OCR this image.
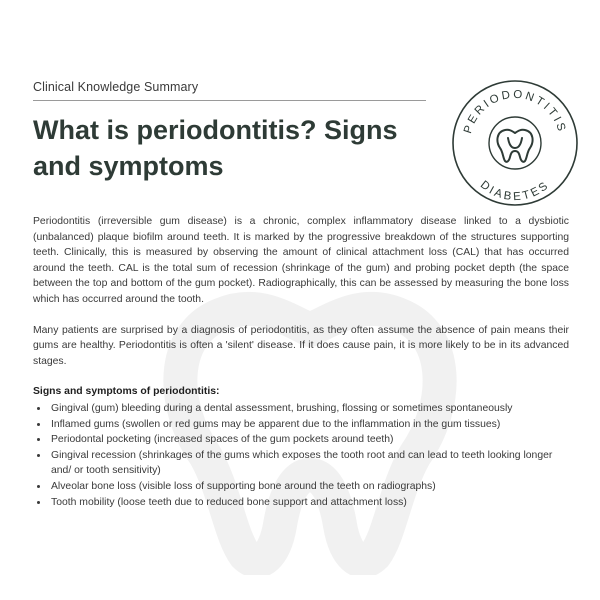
Clinical Knowledge Summary
What is periodontitis? Signs and symptoms
PERIODONTITIS
DIABETES

Periodontitis (irreversible gum disease) is a chronic, complex inflammatory disease linked to a dysbiotic (unbalanced) plaque biofilm around teeth. It is marked by the progressive breakdown of the structures supporting teeth. Clinically, this is measured by observing the amount of clinical attachment loss (CAL) that has occurred around the teeth. CAL is the total sum of recession (shrinkage of the gum) and probing pocket depth (the space between the top and bottom of the gum pocket). Radiographically, this can be assessed by measuring the bone loss which has occurred around the tooth.

Many patients are surprised by a diagnosis of periodontitis, as they often assume the absence of pain means their gums are healthy. Periodontitis is often a 'silent' disease. If it does cause pain, it is more likely to be in its advanced stages.

Signs and symptoms of periodontitis:

• Gingival (gum) bleeding during a dental assessment, brushing, flossing or sometimes spontaneously
• Inflamed gums (swollen or red gums may be apparent due to the inflammation in the gum tissues)
• Periodontal pocketing (increased spaces of the gum pockets around teeth)
• Gingival recession (shrinkages of the gums which exposes the tooth root and can lead to teeth looking longer and/ or tooth sensitivity)
• Alveolar bone loss (visible loss of supporting bone around the teeth on radiographs)
• Tooth mobility (loose teeth due to reduced bone support and attachment loss)
